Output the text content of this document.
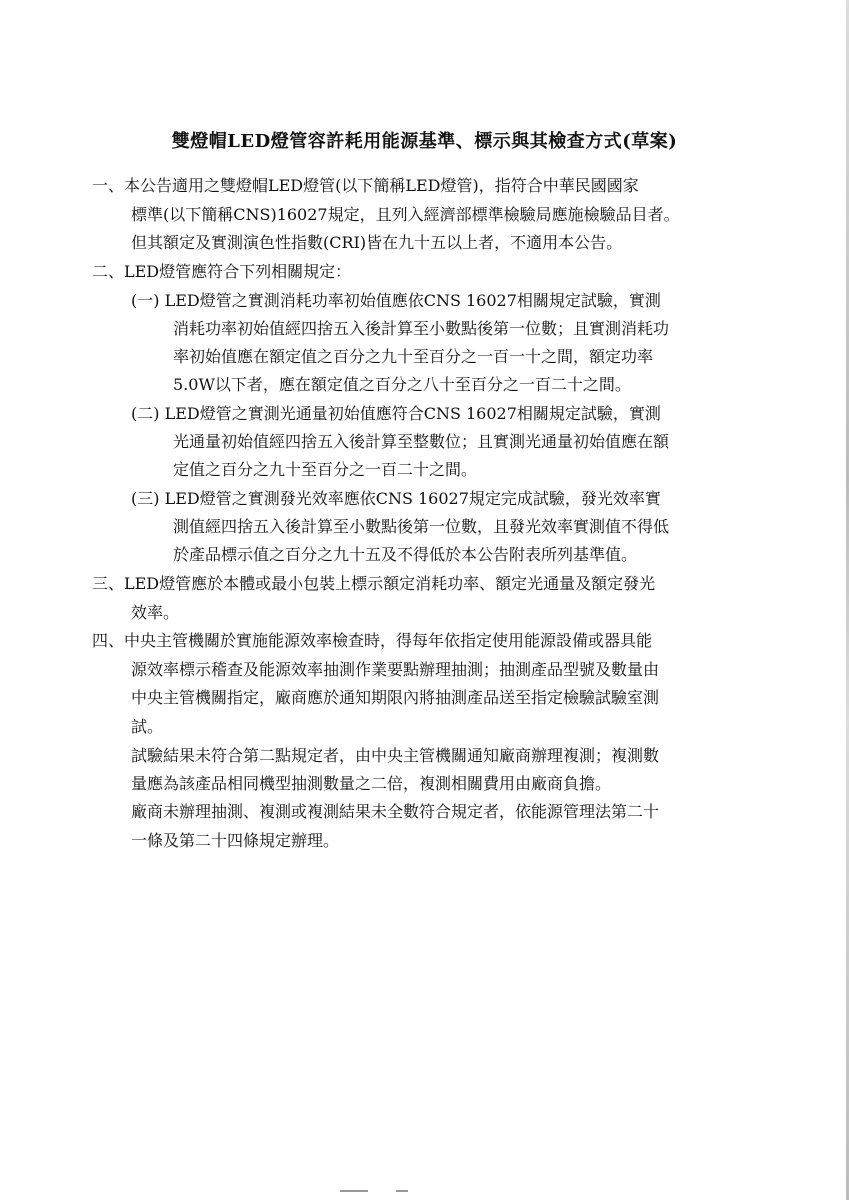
雙燈帽LED燈管容許耗用能源基準、標示與其檢查方式(草案)
一、本公告適用之雙燈帽LED燈管(以下簡稱LED燈管)，指符合中華民國國家
標準(以下簡稱CNS)16027規定，且列入經濟部標準檢驗局應施檢驗品目者。
但其額定及實測演色性指數(CRI)皆在九十五以上者，不適用本公告。
二、LED燈管應符合下列相關規定：
(一) LED燈管之實測消耗功率初始值應依CNS 16027相關規定試驗，實測
消耗功率初始值經四捨五入後計算至小數點後第一位數；且實測消耗功
率初始值應在額定值之百分之九十至百分之一百一十之間，額定功率
5.0W以下者，應在額定值之百分之八十至百分之一百二十之間。
(二) LED燈管之實測光通量初始值應符合CNS 16027相關規定試驗，實測
光通量初始值經四捨五入後計算至整數位；且實測光通量初始值應在額
定值之百分之九十至百分之一百二十之間。
(三) LED燈管之實測發光效率應依CNS 16027規定完成試驗，發光效率實
測值經四捨五入後計算至小數點後第一位數，且發光效率實測值不得低
於產品標示值之百分之九十五及不得低於本公告附表所列基準值。
三、LED燈管應於本體或最小包裝上標示額定消耗功率、額定光通量及額定發光
效率。
四、中央主管機關於實施能源效率檢查時，得每年依指定使用能源設備或器具能
源效率標示稽查及能源效率抽測作業要點辦理抽測；抽測產品型號及數量由
中央主管機關指定，廠商應於通知期限內將抽測產品送至指定檢驗試驗室測
試。
試驗結果未符合第二點規定者，由中央主管機關通知廠商辦理複測；複測數
量應為該產品相同機型抽測數量之二倍，複測相關費用由廠商負擔。
廠商未辦理抽測、複測或複測結果未全數符合規定者，依能源管理法第二十
一條及第二十四條規定辦理。
